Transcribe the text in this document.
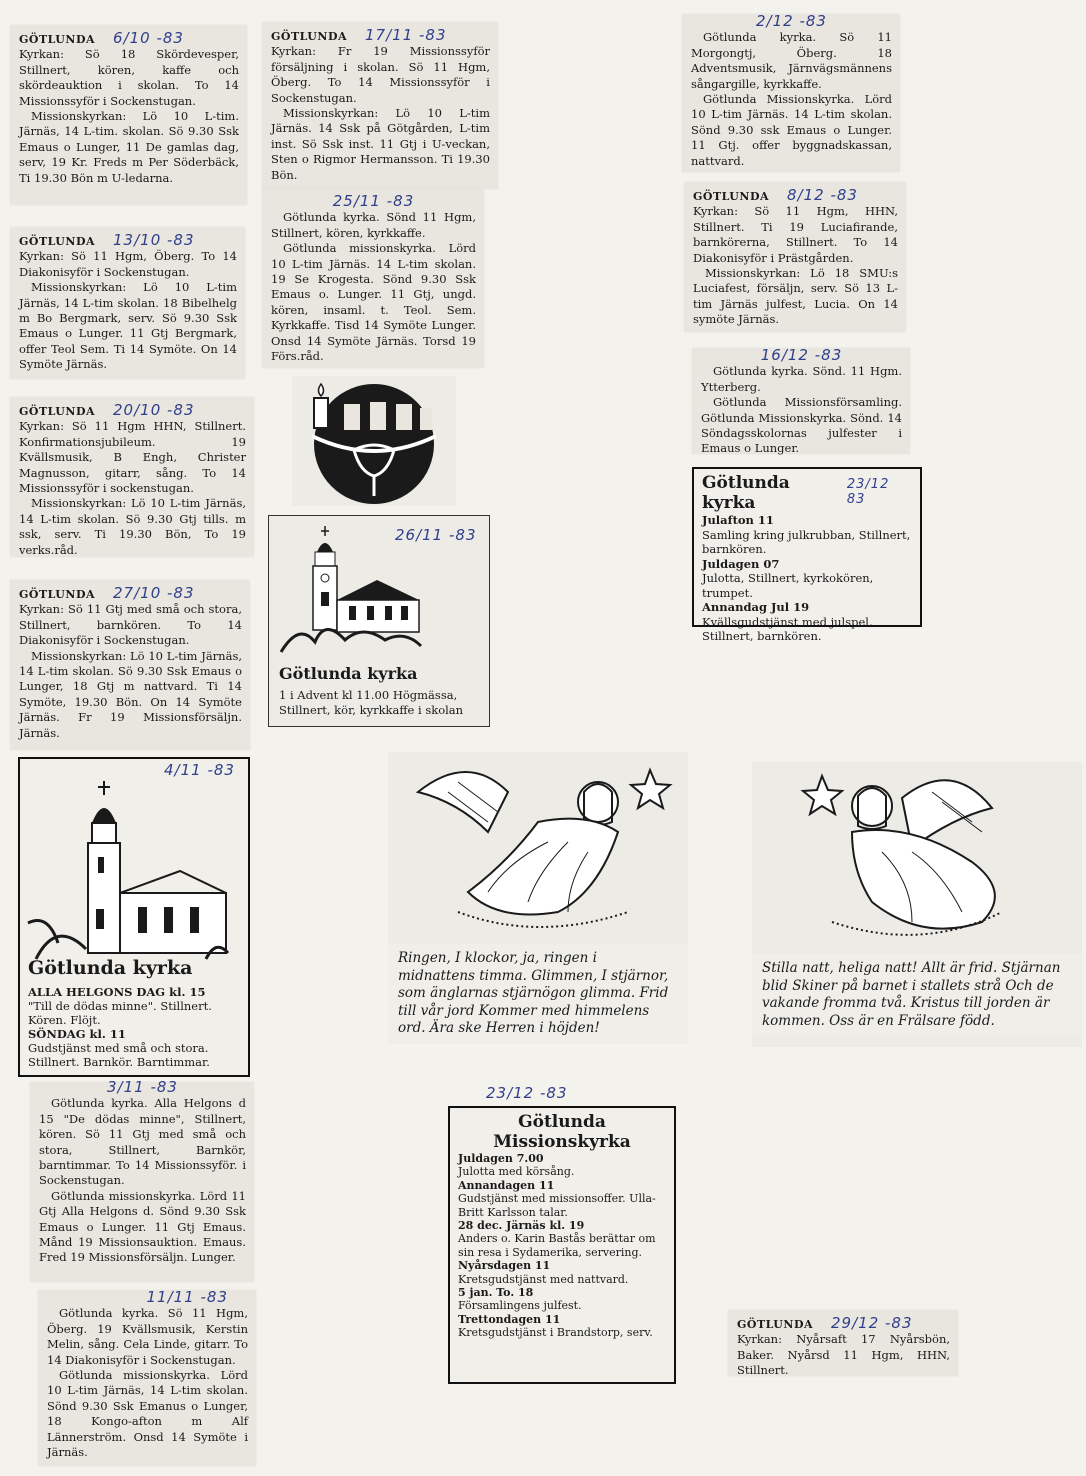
GÖTLUNDA 6/10 -83

Kyrkan: Sö 18 Skördevesper, Stillnert, kören, kaffe och skördeauktion i skolan. To 14 Missionssyför i Sockenstugan.

Missionskyrkan: Lö 10 L-tim. Järnäs, 14 L-tim. skolan. Sö 9.30 Ssk Emaus o Lunger, 11 De gamlas dag, serv, 19 Kr. Freds m Per Söderbäck, Ti 19.30 Bön m U-ledarna.

GÖTLUNDA 13/10 -83

Kyrkan: Sö 11 Hgm, Öberg. To 14 Diakonisyför i Sockenstugan.

Missionskyrkan: Lö 10 L-tim Järnäs, 14 L-tim skolan. 18 Bibelhelg m Bo Bergmark, serv. Sö 9.30 Ssk Emaus o Lunger. 11 Gtj Bergmark, offer Teol Sem. Ti 14 Symöte. On 14 Symöte Järnäs.

GÖTLUNDA 20/10 -83

Kyrkan: Sö 11 Hgm HHN, Stillnert. Konfirmationsjubileum. 19 Kvällsmusik, B Engh, Christer Magnusson, gitarr, sång. To 14 Missionssyför i sockenstugan.

Missionskyrkan: Lö 10 L-tim Järnäs, 14 L-tim skolan. Sö 9.30 Gtj tills. m ssk, serv. Ti 19.30 Bön, To 19 verks.råd.

GÖTLUNDA 27/10 -83

Kyrkan: Sö 11 Gtj med små och stora, Stillnert, barnkören. To 14 Diakonisyför i Sockenstugan.

Missionskyrkan: Lö 10 L-tim Järnäs, 14 L-tim skolan. Sö 9.30 Ssk Emaus o Lunger, 18 Gtj m nattvard. Ti 14 Symöte, 19.30 Bön. On 14 Symöte Järnäs. Fr 19 Missionsförsäljn. Järnäs.

GÖTLUNDA 17/11 -83

Kyrkan: Fr 19 Missionssyför försäljning i skolan. Sö 11 Hgm, Öberg. To 14 Missionssyför i Sockenstugan.

Missionskyrkan: Lö 10 L-tim Järnäs. 14 Ssk på Götgården, L-tim inst. Sö Ssk inst. 11 Gtj i U-veckan, Sten o Rigmor Hermansson. Ti 19.30 Bön.

25/11 -83

Götlunda kyrka. Sönd 11 Hgm, Stillnert, kören, kyrkkaffe.

Götlunda missionskyrka. Lörd 10 L-tim Järnäs. 14 L-tim skolan. 19 Se Krogesta. Sönd 9.30 Ssk Emaus o. Lunger. 11 Gtj, ungd. kören, insaml. t. Teol. Sem. Kyrkkaffe. Tisd 14 Symöte Lunger. Onsd 14 Symöte Järnäs. Torsd 19 Förs.råd.

26/11 -83
Götlunda kyrka
1 i Advent kl 11.00 Högmässa, Stillnert, kör, kyrkkaffe i skolan
4/11 -83
Götlunda kyrka
ALLA HELGONS DAG kl. 15
"Till de dödas minne". Stillnert. Kören. Flöjt.
SÖNDAG kl. 11
Gudstjänst med små och stora. Stillnert. Barnkör. Barntimmar.
3/11 -83

Götlunda kyrka. Alla Helgons d 15 "De dödas minne", Stillnert, kören. Sö 11 Gtj med små och stora, Stillnert, Barnkör, barntimmar. To 14 Missionssyför. i Sockenstugan.

Götlunda missionskyrka. Lörd 11 Gtj Alla Helgons d. Sönd 9.30 Ssk Emaus o Lunger. 11 Gtj Emaus. Månd 19 Missionsauktion. Emaus. Fred 19 Missionsförsäljn. Lunger.

11/11 -83

Götlunda kyrka. Sö 11 Hgm, Öberg. 19 Kvällsmusik, Kerstin Melin, sång. Cela Linde, gitarr. To 14 Diakonisyför i Sockenstugan.

Götlunda missionskyrka. Lörd 10 L-tim Järnäs, 14 L-tim skolan. Sönd 9.30 Ssk Emanus o Lunger, 18 Kongo-afton m Alf Lännerström. Onsd 14 Symöte i Järnäs.

2/12 -83

Götlunda kyrka. Sö 11 Morgongtj, Öberg. 18 Adventsmusik, Järnvägsmännens sångargille, kyrkkaffe.

Götlunda Missionskyrka. Lörd 10 L-tim Järnäs. 14 L-tim skolan. Sönd 9.30 ssk Emaus o Lunger. 11 Gtj. offer byggnadskassan, nattvard.

GÖTLUNDA 8/12 -83

Kyrkan: Sö 11 Hgm, HHN, Stillnert. Ti 19 Luciafirande, barnkörerna, Stillnert. To 14 Diakonisyför i Prästgården.

Missionskyrkan: Lö 18 SMU:s Luciafest, försäljn, serv. Sö 13 L-tim Järnäs julfest, Lucia. On 14 symöte Järnäs.

16/12 -83

Götlunda kyrka. Sönd. 11 Hgm. Ytterberg.

Götlunda Missionsförsamling. Götlunda Missionskyrka. Sönd. 14 Söndagsskolornas julfester i Emaus o Lunger.

Götlunda kyrka
23/12 83
Julafton 11
Samling kring julkrubban, Stillnert, barnkören.
Juldagen 07
Julotta, Stillnert, kyrkokören, trumpet.
Annandag Jul 19
Kvällsgudstjänst med julspel, Stillnert, barnkören.
Ringen, I klockor, ja, ringen i midnattens timma. Glimmen, I stjärnor, som änglarnas stjärnögon glimma. Frid till vår jord Kommer med himmelens ord. Ära ske Herren i höjden!
Stilla natt, heliga natt! Allt är frid. Stjärnan blid Skiner på barnet i stallets strå Och de vakande fromma två. Kristus till jorden är kommen. Oss är en Frälsare född.
23/12 -83
Götlunda
Missionskyrka
Juldagen 7.00
Julotta med körsång.
Annandagen 11
Gudstjänst med missionsoffer. Ulla-Britt Karlsson talar.
28 dec. Järnäs kl. 19
Anders o. Karin Bastås berättar om sin resa i Sydamerika, servering.
Nyårsdagen 11
Kretsgudstjänst med nattvard.
5 jan. To. 18
Församlingens julfest.
Trettondagen 11
Kretsgudstjänst i Brandstorp, serv.
GÖTLUNDA 29/12 -83

Kyrkan: Nyårsaft 17 Nyårsbön, Baker. Nyårsd 11 Hgm, HHN, Stillnert.
